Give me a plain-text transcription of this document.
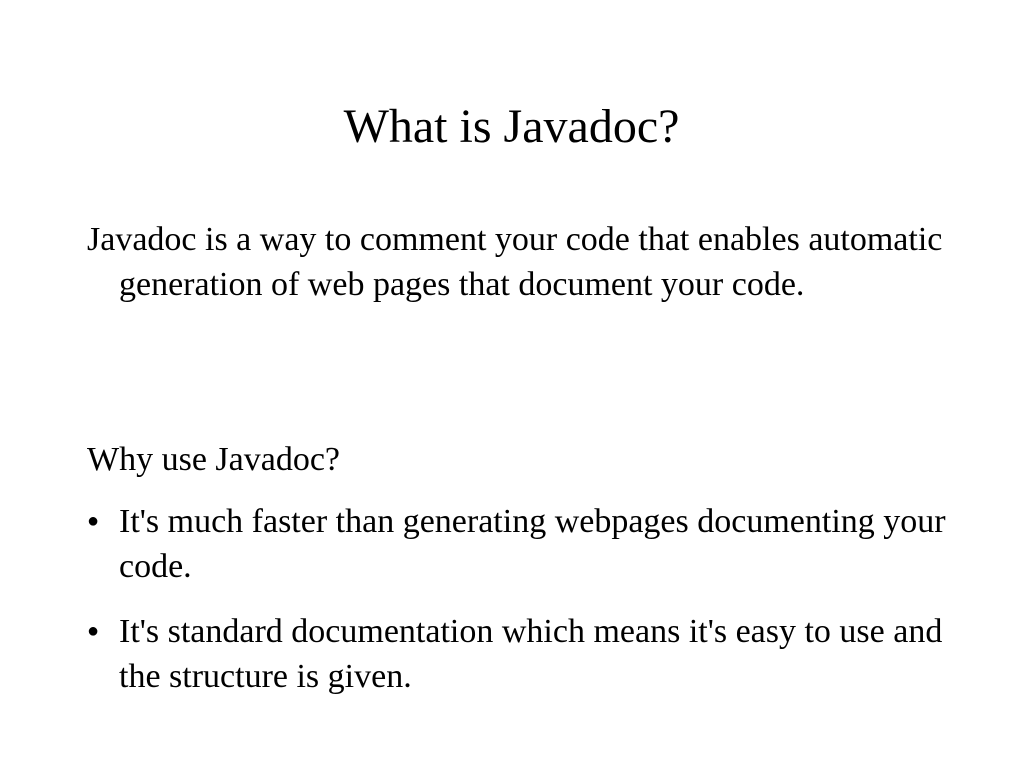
What is Javadoc?

Javadoc is a way to comment your code that enables automatic generation of web pages that document your code.

Why use Javadoc?

● It's much faster than generating webpages documenting your code.
● It's standard documentation which means it's easy to use and the structure is given.
